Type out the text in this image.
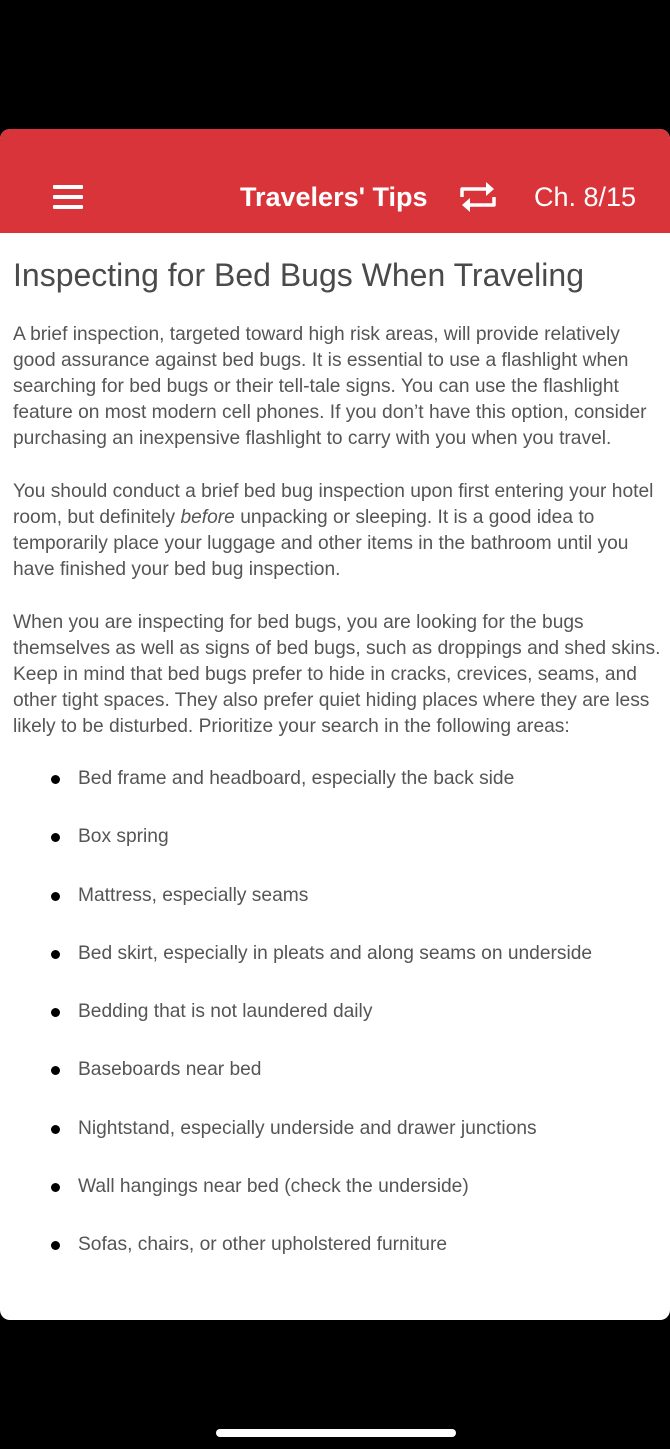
Travelers' Tips	Ch. 8/15
Inspecting for Bed Bugs When Traveling

A brief inspection, targeted toward high risk areas, will provide relatively good assurance against bed bugs. It is essential to use a flashlight when searching for bed bugs or their tell-tale signs. You can use the flashlight feature on most modern cell phones. If you don’t have this option, consider purchasing an inexpensive flashlight to carry with you when you travel.

You should conduct a brief bed bug inspection upon first entering your hotel room, but definitely before unpacking or sleeping. It is a good idea to temporarily place your luggage and other items in the bathroom until you have finished your bed bug inspection.

When you are inspecting for bed bugs, you are looking for the bugs themselves as well as signs of bed bugs, such as droppings and shed skins. Keep in mind that bed bugs prefer to hide in cracks, crevices, seams, and other tight spaces. They also prefer quiet hiding places where they are less likely to be disturbed. Prioritize your search in the following areas:

Bed frame and headboard, especially the back side
Box spring
Mattress, especially seams
Bed skirt, especially in pleats and along seams on underside
Bedding that is not laundered daily
Baseboards near bed
Nightstand, especially underside and drawer junctions
Wall hangings near bed (check the underside)
Sofas, chairs, or other upholstered furniture
